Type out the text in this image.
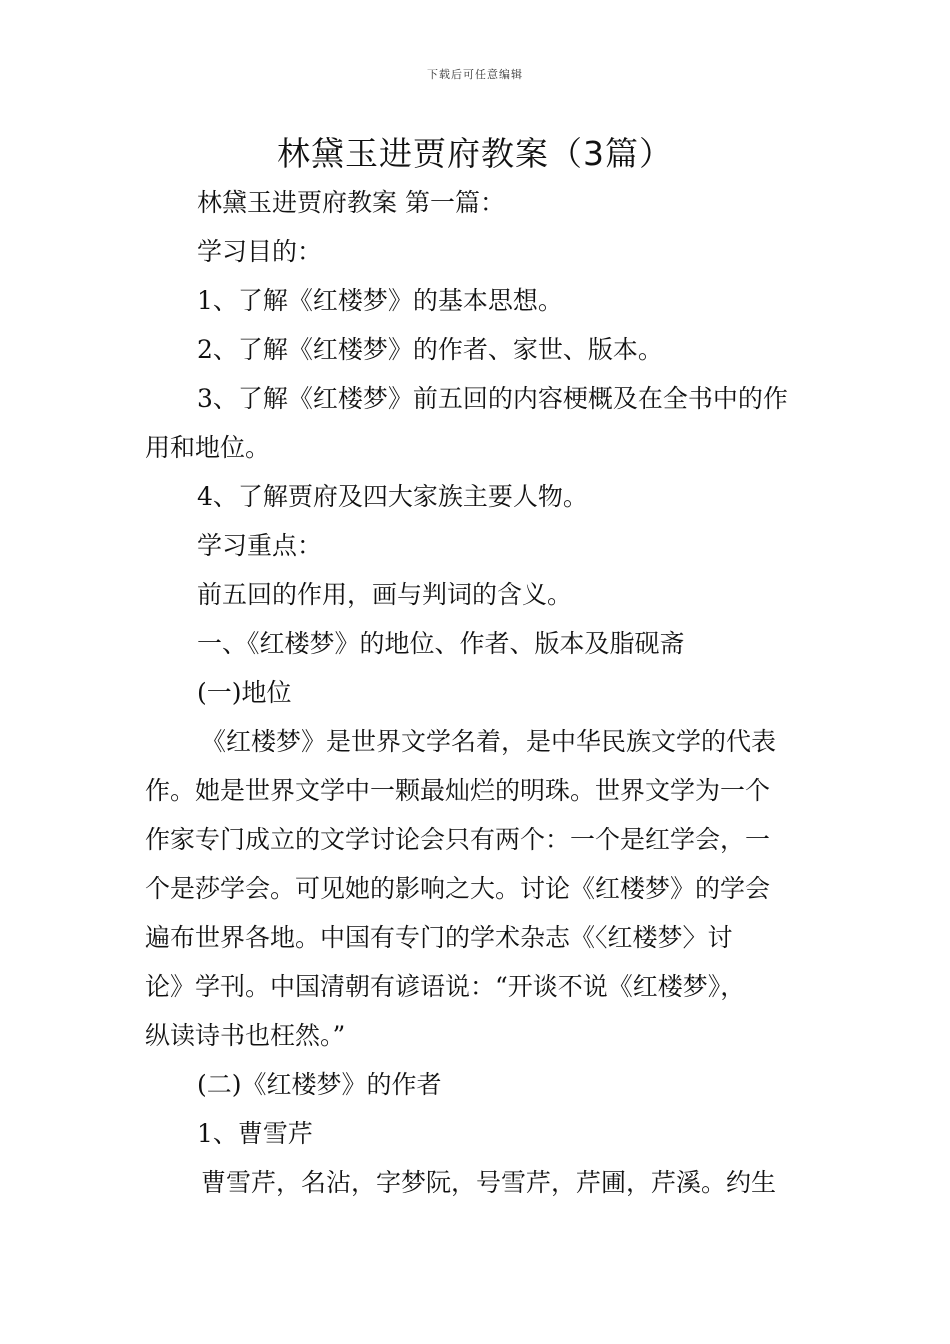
下载后可任意编辑
林黛玉进贾府教案（3篇）

林黛玉进贾府教案 第一篇：

学习目的：

1、了解《红楼梦》的基本思想。

2、了解《红楼梦》的作者、家世、版本。

3、了解《红楼梦》前五回的内容梗概及在全书中的作

用和地位。

4、了解贾府及四大家族主要人物。

学习重点：

前五回的作用，画与判词的含义。

一、《红楼梦》的地位、作者、版本及脂砚斋

(一)地位

《红楼梦》是世界文学名着，是中华民族文学的代表

作。她是世界文学中一颗最灿烂的明珠。世界文学为一个

作家专门成立的文学讨论会只有两个：一个是红学会，一

个是莎学会。可见她的影响之大。讨论《红楼梦》的学会

遍布世界各地。中国有专门的学术杂志《〈红楼梦〉讨

论》学刊。中国清朝有谚语说：“开谈不说《红楼梦》，

纵读诗书也枉然。”

(二)《红楼梦》的作者

1、曹雪芹

曹雪芹，名沾，字梦阮，号雪芹，芹圃，芹溪。约生
